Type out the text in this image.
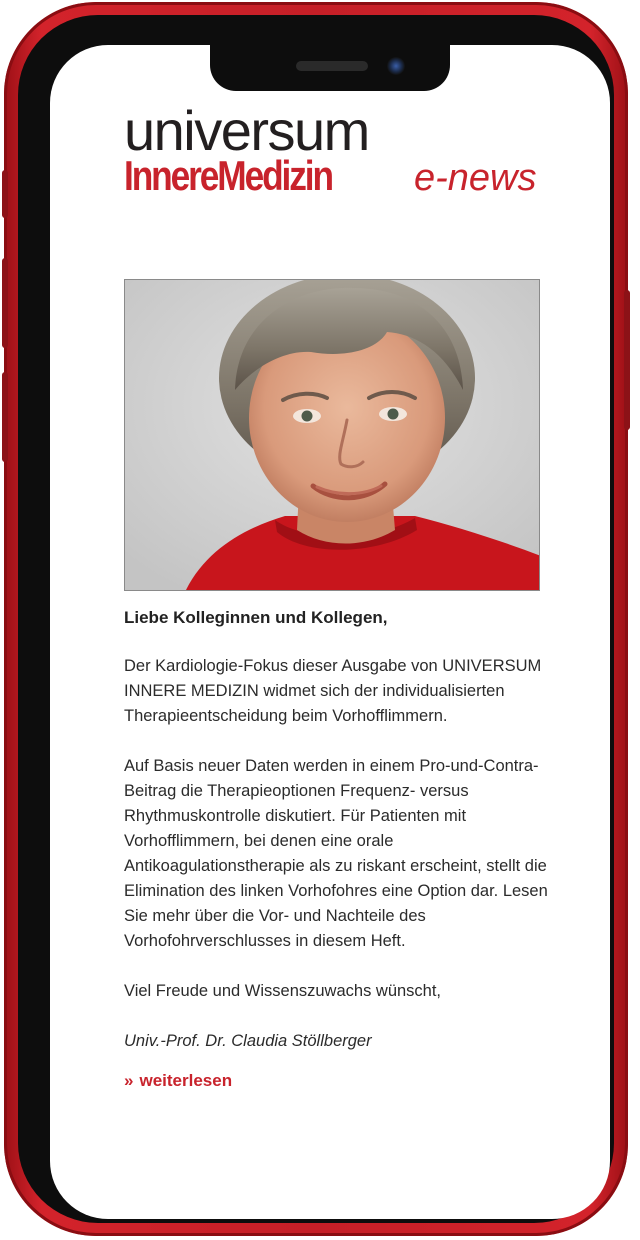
universum
InnereMedizin e-news

Liebe Kolleginnen und Kollegen,

Der Kardiologie-Fokus dieser Ausgabe von UNIVERSUM INNERE MEDIZIN widmet sich der individualisierten Therapieentscheidung beim Vorhofflimmern.

Auf Basis neuer Daten werden in einem Pro-und-Contra-Beitrag die Therapieoptionen Frequenz- versus Rhythmuskontrolle diskutiert. Für Patienten mit Vorhofflimmern, bei denen eine orale Antikoagulationstherapie als zu riskant erscheint, stellt die Elimination des linken Vorhofohres eine Option dar. Lesen Sie mehr über die Vor- und Nachteile des Vorhofohrverschlusses in diesem Heft.

Viel Freude und Wissenszuwachs wünscht,

Univ.-Prof. Dr. Claudia Stöllberger

» weiterlesen
